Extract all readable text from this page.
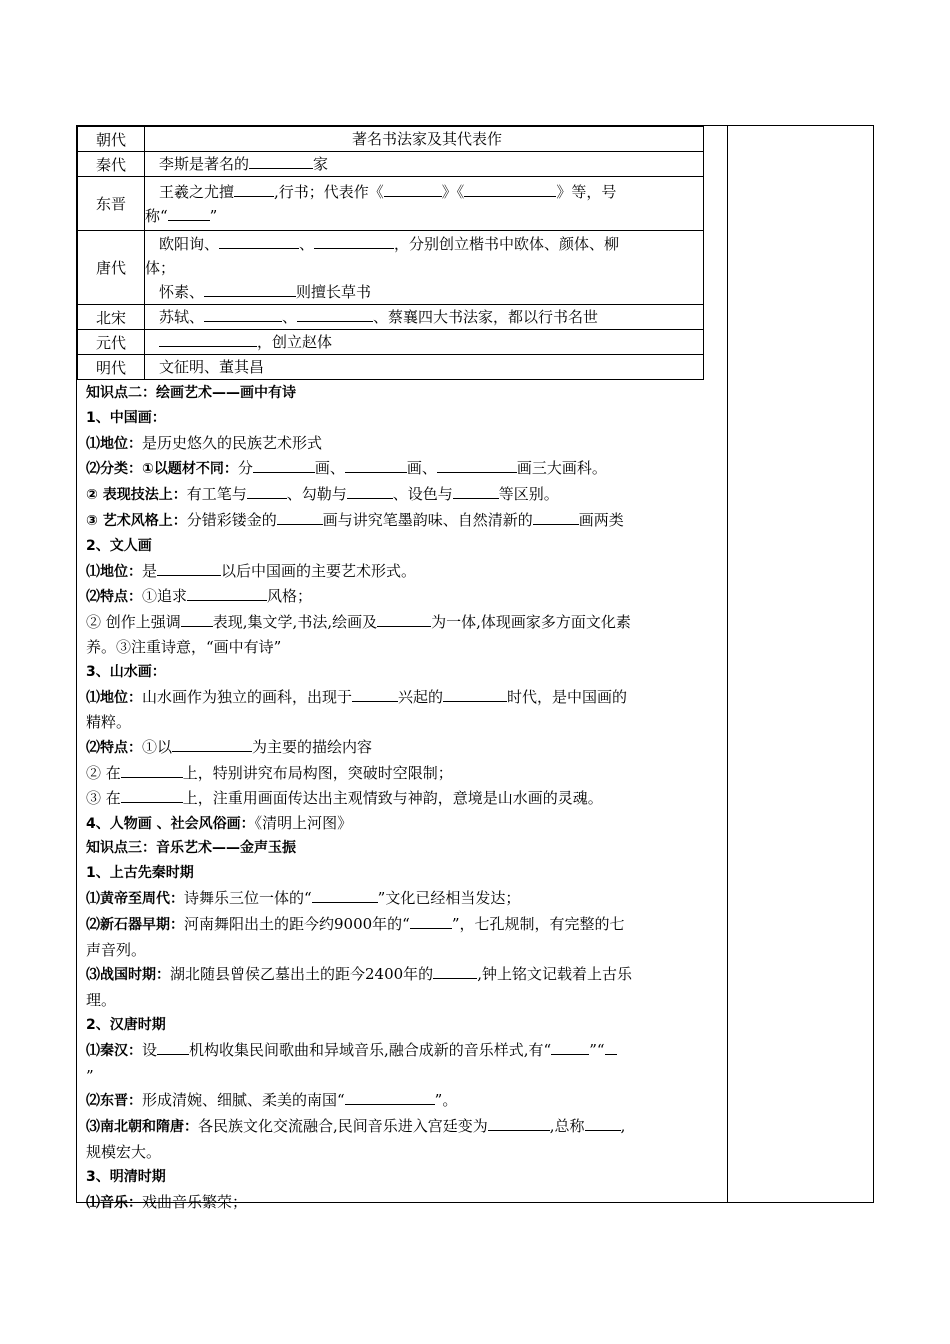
朝代	著名书法家及其代表作
秦代	李斯是著名的 家
东晋	王羲之尤擅 ,行书；代表作《 》《 》等，号
称“ ”

唐代	欧阳询、 、 ，分别创立楷书中欧体、颜体、柳
体；
怀素、 则擅长草书

北宋	苏轼、 、 、蔡襄四大书法家，都以行书名世
元代	，创立赵体
明代	文征明、董其昌

知识点二：绘画艺术——画中有诗

1、中国画：

⑴地位：是历史悠久的民族艺术形式

⑵分类：①以题材不同：分	画、	画、	画三大画科。

② 表现技法上：有工笔与	、勾勒与	、设色与	等区别。

③ 艺术风格上：分错彩镂金的	画与讲究笔墨韵味、自然清新的	画两类

2、文人画

⑴地位：是	以后中国画的主要艺术形式。

⑵特点：①追求	风格；

② 创作上强调 表现,集文学,书法,绘画及	为一体,体现画家多方面文化素

养。③注重诗意，“画中有诗”

3、山水画：

⑴地位：山水画作为独立的画科，出现于	兴起的	时代，是中国画的

精粹。

⑵特点：①以	为主要的描绘内容

② 在	上，特别讲究布局构图，突破时空限制；

③ 在	上，注重用画面传达出主观情致与神韵，意境是山水画的灵魂。

4、人物画 、社会风俗画：《清明上河图》

知识点三：音乐艺术——金声玉振

1、上古先秦时期

⑴黄帝至周代：诗舞乐三位一体的“	”文化已经相当发达；

⑵新石器早期：河南舞阳出土的距今约9000年的“	”，七孔规制，有完整的七

声音列。

⑶战国时期：湖北随县曾侯乙墓出土的距今2400年的	,钟上铭文记载着上古乐

理。

2、汉唐时期

⑴秦汉：设 机构收集民间歌曲和异域音乐,融合成新的音乐样式,有“	”“

”

⑵东晋：形成清婉、细腻、柔美的南国“	”。

⑶南北朝和隋唐：各民族文化交流融合,民间音乐进入宫廷变为	,总称 ,

规模宏大。

3、明清时期

⑴音乐：戏曲音乐繁荣；
